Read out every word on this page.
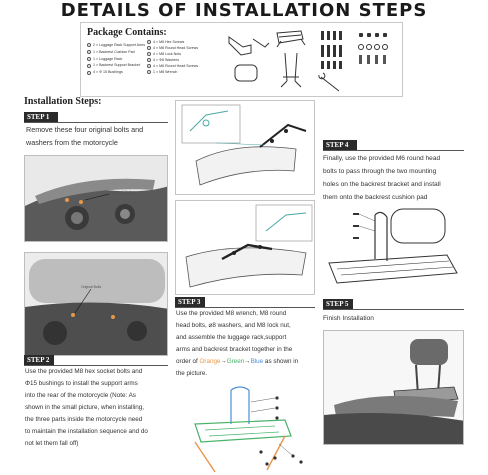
DETAILS OF INSTALLATION STEPS
Package Contains:
2 × Luggage Rack Support Arms
1 × Backrest Cushion Pad
1 × Luggage Rack
1 × Backrest Support Bracket
4 × Φ 15 Bushings
4 × M6 Hex Screws
4 × M8 Round Head Screws
4 × M8 Lock Nuts
4 × Φ8 Washers
4 × M6 Round Head Screws
1 × M8 Wrench
Installation Steps:
STEP 1
Remove these four original bolts and
washers from the motorcycle
Original Washer
Original Bolts
STEP 2
Use the provided M8 hex socket bolts and
Φ15 bushings to install the support arms
into the rear of the motorcycle (Note: As
shown in the small picture, when installing,
the three parts inside the motorcycle need
to maintain the installation sequence and do
not let them fall off)
STEP 3
Use the provided M8 wrench, M8 round
head bolts, ⌀8 washers, and M8 lock nut,
and assemble the luggage rack,support
arms and backrest bracket together in the
order of Orange→Green→Blue as shown in
the picture.
STEP 4
Finally, use the provided M6 round head
bolts to pass through the two mounting
holes on the backrest bracket and install
them onto the backrest cushion pad
STEP 5
Finish Installation
